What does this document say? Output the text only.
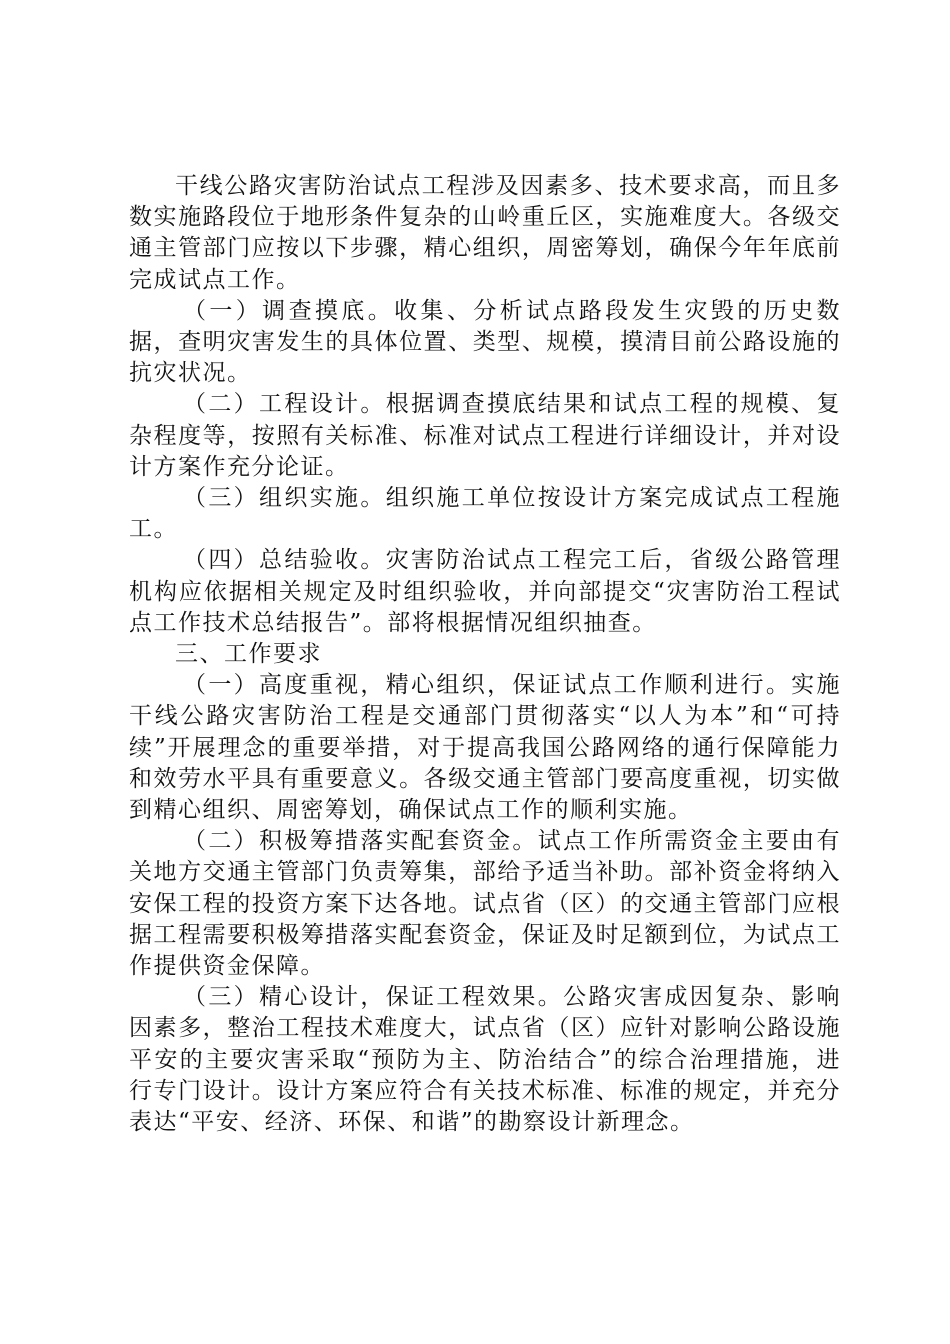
干线公路灾害防治试点工程涉及因素多、技术要求高，而且多数实施路段位于地形条件复杂的山岭重丘区，实施难度大。各级交通主管部门应按以下步骤，精心组织，周密筹划，确保今年年底前完成试点工作。

（一）调查摸底。收集、分析试点路段发生灾毁的历史数据，查明灾害发生的具体位置、类型、规模，摸清目前公路设施的抗灾状况。

（二）工程设计。根据调查摸底结果和试点工程的规模、复杂程度等，按照有关标准、标准对试点工程进行详细设计，并对设计方案作充分论证。

（三）组织实施。组织施工单位按设计方案完成试点工程施工。

（四）总结验收。灾害防治试点工程完工后，省级公路管理机构应依据相关规定及时组织验收，并向部提交“灾害防治工程试点工作技术总结报告”。部将根据情况组织抽查。

三、工作要求

（一）高度重视，精心组织，保证试点工作顺利进行。实施干线公路灾害防治工程是交通部门贯彻落实“以人为本”和“可持续”开展理念的重要举措，对于提高我国公路网络的通行保障能力和效劳水平具有重要意义。各级交通主管部门要高度重视，切实做到精心组织、周密筹划，确保试点工作的顺利实施。

（二）积极筹措落实配套资金。试点工作所需资金主要由有关地方交通主管部门负责筹集，部给予适当补助。部补资金将纳入安保工程的投资方案下达各地。试点省（区）的交通主管部门应根据工程需要积极筹措落实配套资金，保证及时足额到位，为试点工作提供资金保障。

（三）精心设计，保证工程效果。公路灾害成因复杂、影响因素多，整治工程技术难度大，试点省（区）应针对影响公路设施平安的主要灾害采取“预防为主、防治结合”的综合治理措施，进行专门设计。设计方案应符合有关技术标准、标准的规定，并充分表达“平安、经济、环保、和谐”的勘察设计新理念。
